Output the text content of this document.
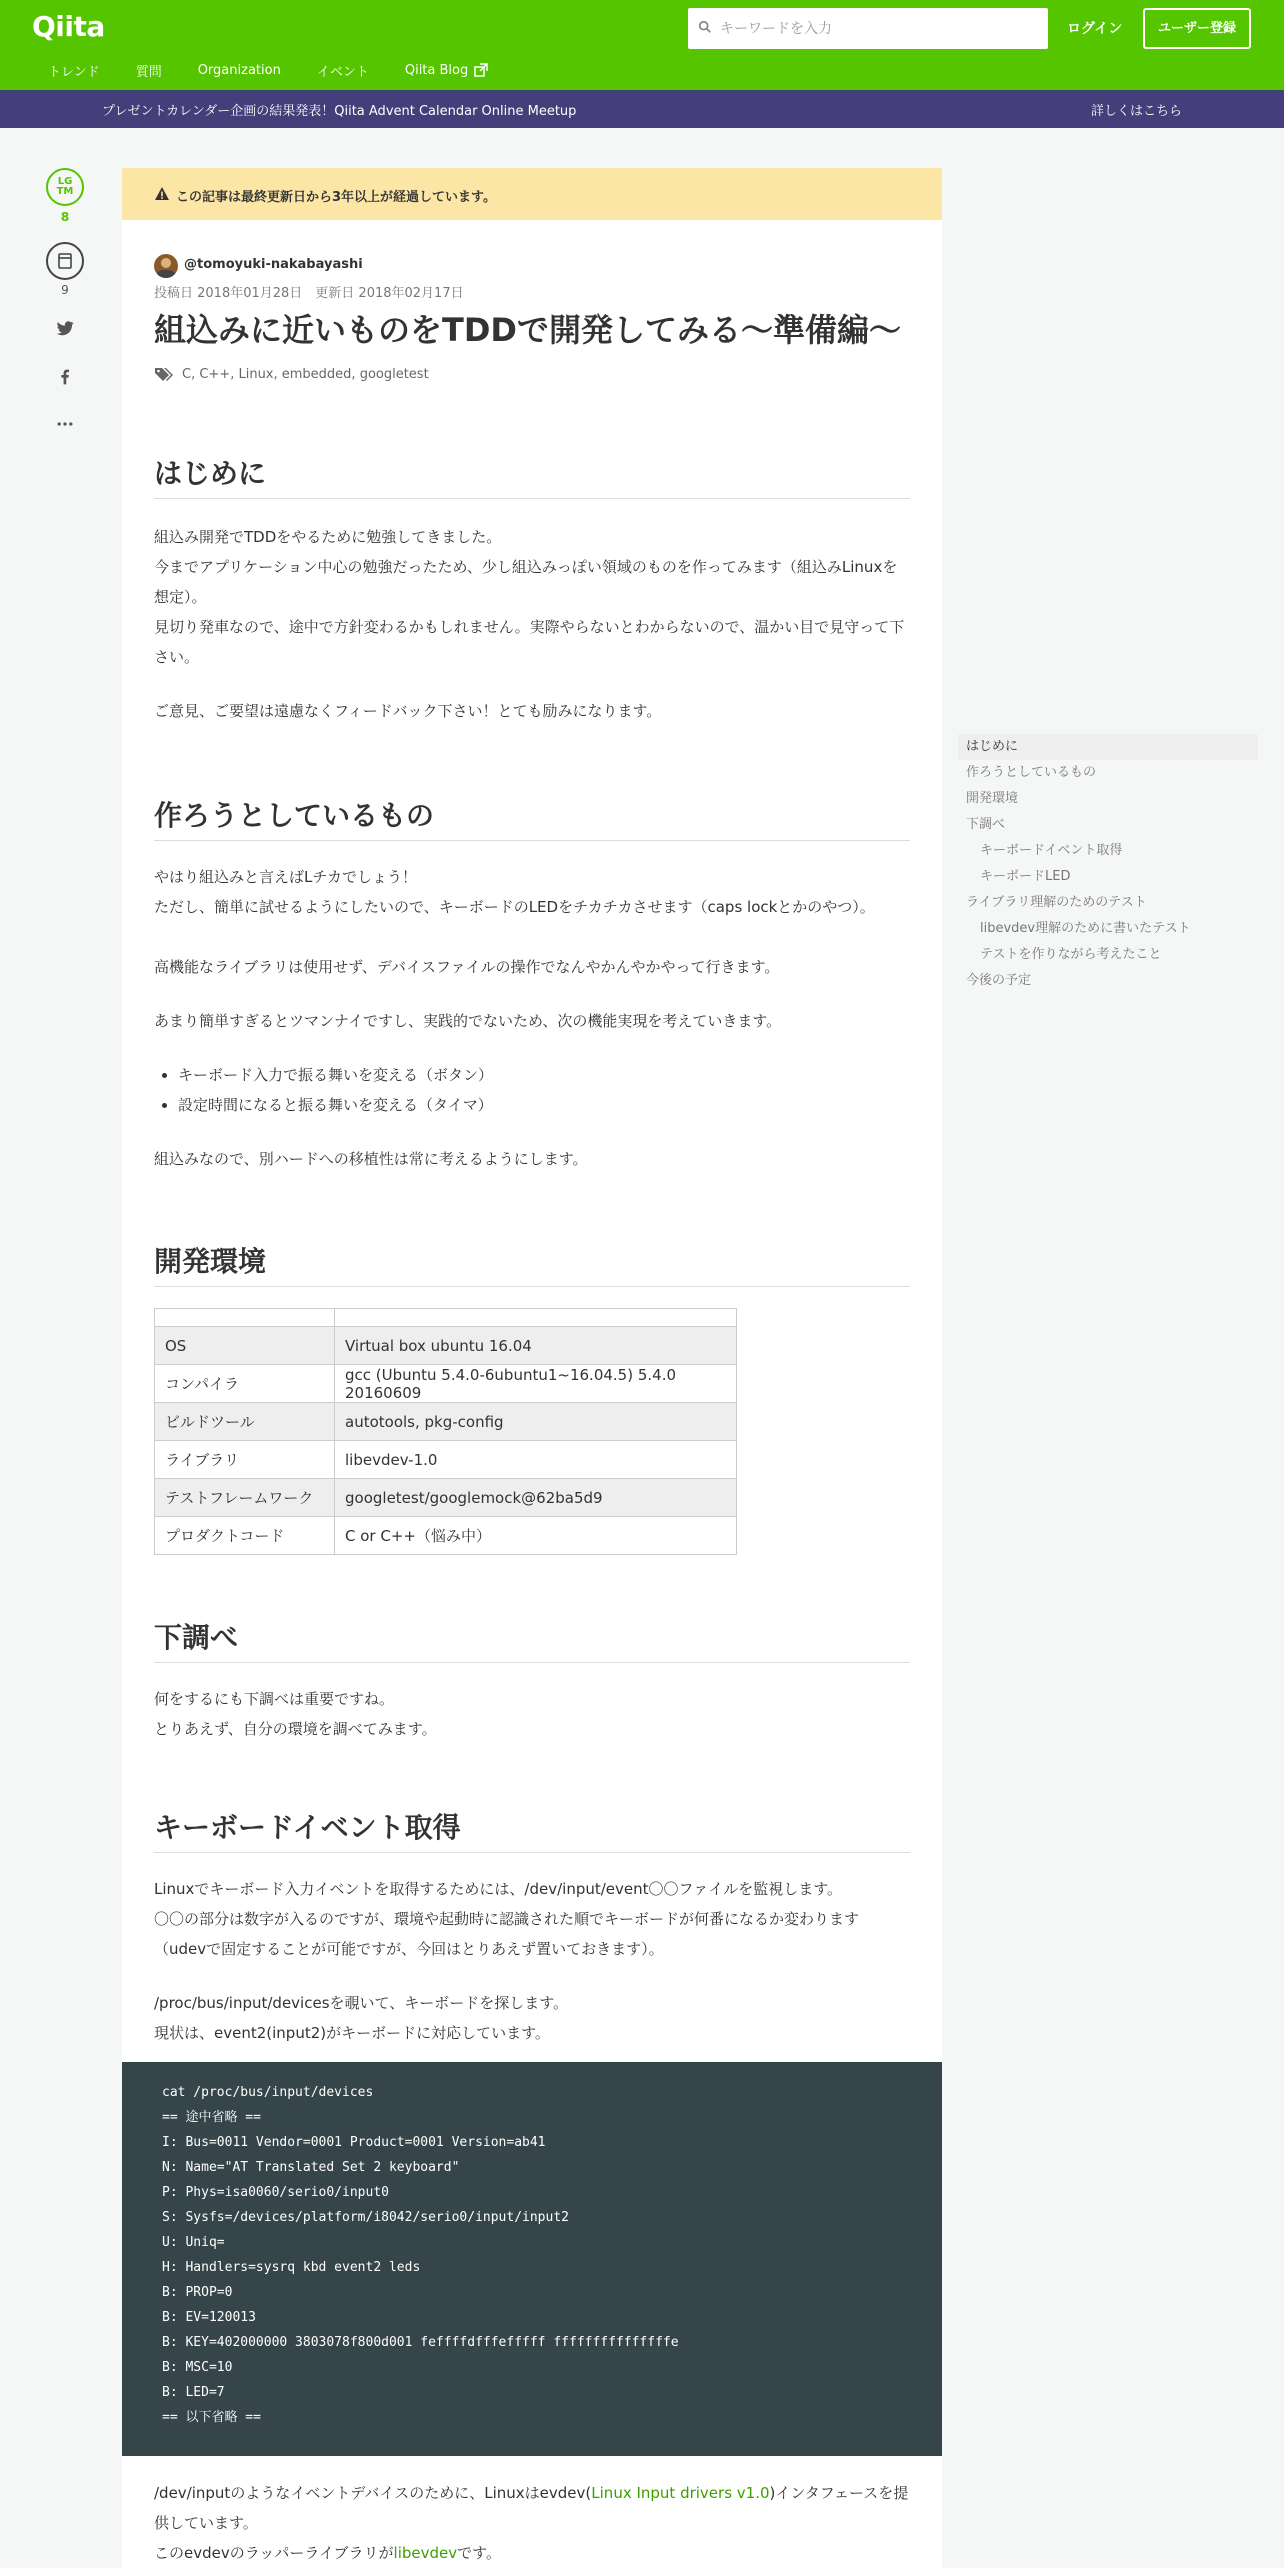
Qiita
キーワードを入力	ログイン	ユーザー登録
トレンド	質問	Organization	イベント	Qiita Blog
プレゼントカレンダー企画の結果発表！Qiita Advent Calendar Online Meetup	詳しくはこちら
LG
TM
8
9
この記事は最終更新日から3年以上が経過しています。
@tomoyuki-nakabayashi
投稿日 2018年01月28日　更新日 2018年02月17日
組込みに近いものをTDDで開発してみる〜準備編〜
C, C++, Linux, embedded, googletest
はじめに
組込み開発でTDDをやるために勉強してきました。
今までアプリケーション中心の勉強だったため、少し組込みっぽい領域のものを作ってみます（組込みLinuxを想定）。
見切り発車なので、途中で方針変わるかもしれません。実際やらないとわからないので、温かい目で見守って下さい。
ご意見、ご要望は遠慮なくフィードバック下さい！とても励みになります。
作ろうとしているもの
やはり組込みと言えばLチカでしょう！
ただし、簡単に試せるようにしたいので、キーボードのLEDをチカチカさせます（caps lockとかのやつ）。
高機能なライブラリは使用せず、デバイスファイルの操作でなんやかんやかやって行きます。
あまり簡単すぎるとツマンナイですし、実践的でないため、次の機能実現を考えていきます。
• キーボード入力で振る舞いを変える（ボタン）
• 設定時間になると振る舞いを変える（タイマ）
組込みなので、別ハードへの移植性は常に考えるようにします。
開発環境

OS	Virtual box ubuntu 16.04
コンパイラ	gcc (Ubuntu 5.4.0-6ubuntu1~16.04.5) 5.4.0 20160609
ビルドツール	autotools, pkg-config
ライブラリ	libevdev-1.0
テストフレームワーク	googletest/googlemock@62ba5d9
プロダクトコード	C or C++（悩み中）
下調べ
何をするにも下調べは重要ですね。
とりあえず、自分の環境を調べてみます。
キーボードイベント取得
Linuxでキーボード入力イベントを取得するためには、/dev/input/event〇〇ファイルを監視します。
〇〇の部分は数字が入るのですが、環境や起動時に認識された順でキーボードが何番になるか変わります（udevで固定することが可能ですが、今回はとりあえず置いておきます）。
/proc/bus/input/devicesを覗いて、キーボードを探します。
現状は、event2(input2)がキーボードに対応しています。
cat /proc/bus/input/devices
== 途中省略 ==
I: Bus=0011 Vendor=0001 Product=0001 Version=ab41
N: Name="AT Translated Set 2 keyboard"
P: Phys=isa0060/serio0/input0
S: Sysfs=/devices/platform/i8042/serio0/input/input2
U: Uniq=
H: Handlers=sysrq kbd event2 leds
B: PROP=0
B: EV=120013
B: KEY=402000000 3803078f800d001 feffffdfffefffff fffffffffffffffe
B: MSC=10
B: LED=7
== 以下省略 ==
/dev/inputのようなイベントデバイスのために、Linuxはevdev(Linux Input drivers v1.0)インタフェースを提供しています。
このevdevのラッパーライブラリがlibevdevです。
はじめに
作ろうとしているもの
開発環境
下調べ
キーボードイベント取得
キーボードLED
ライブラリ理解のためのテスト
libevdev理解のために書いたテスト
テストを作りながら考えたこと
今後の予定
